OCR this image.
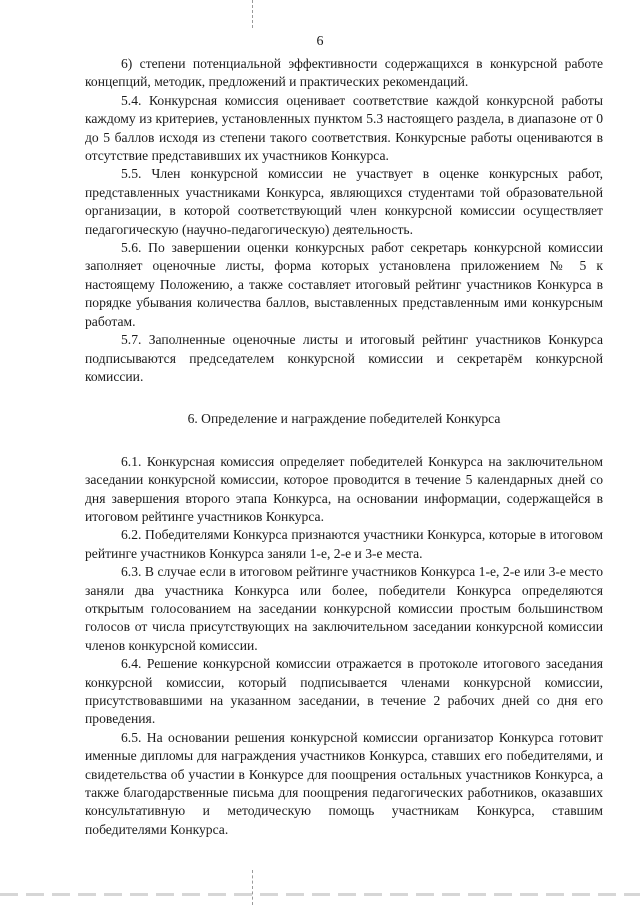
6

6) степени потенциальной эффективности содержащихся в конкурсной работе концепций, методик, предложений и практических рекомендаций.

5.4. Конкурсная комиссия оценивает соответствие каждой конкурсной работы каждому из критериев, установленных пунктом 5.3 настоящего раздела, в диапазоне от 0 до 5 баллов исходя из степени такого соответствия. Конкурсные работы оцениваются в отсутствие представивших их участников Конкурса.

5.5. Член конкурсной комиссии не участвует в оценке конкурсных работ, представленных участниками Конкурса, являющихся студентами той образовательной организации, в которой соответствующий член конкурсной комиссии осуществляет педагогическую (научно-педагогическую) деятельность.

5.6. По завершении оценки конкурсных работ секретарь конкурсной комиссии заполняет оценочные листы, форма которых установлена приложением № 5 к настоящему Положению, а также составляет итоговый рейтинг участников Конкурса в порядке убывания количества баллов, выставленных представленным ими конкурсным работам.

5.7. Заполненные оценочные листы и итоговый рейтинг участников Конкурса подписываются председателем конкурсной комиссии и секретарём конкурсной комиссии.

6. Определение и награждение победителей Конкурса

6.1. Конкурсная комиссия определяет победителей Конкурса на заключительном заседании конкурсной комиссии, которое проводится в течение 5 календарных дней со дня завершения второго этапа Конкурса, на основании информации, содержащейся в итоговом рейтинге участников Конкурса.

6.2. Победителями Конкурса признаются участники Конкурса, которые в итоговом рейтинге участников Конкурса заняли 1-е, 2-е и 3-е места.

6.3. В случае если в итоговом рейтинге участников Конкурса 1-е, 2-е или 3-е место заняли два участника Конкурса или более, победители Конкурса определяются открытым голосованием на заседании конкурсной комиссии простым большинством голосов от числа присутствующих на заключительном заседании конкурсной комиссии членов конкурсной комиссии.

6.4. Решение конкурсной комиссии отражается в протоколе итогового заседания конкурсной комиссии, который подписывается членами конкурсной комиссии, присутствовавшими на указанном заседании, в течение 2 рабочих дней со дня его проведения.

6.5. На основании решения конкурсной комиссии организатор Конкурса готовит именные дипломы для награждения участников Конкурса, ставших его победителями, и свидетельства об участии в Конкурсе для поощрения остальных участников Конкурса, а также благодарственные письма для поощрения педагогических работников, оказавших консультативную и методическую помощь участникам Конкурса, ставшим победителями Конкурса.
